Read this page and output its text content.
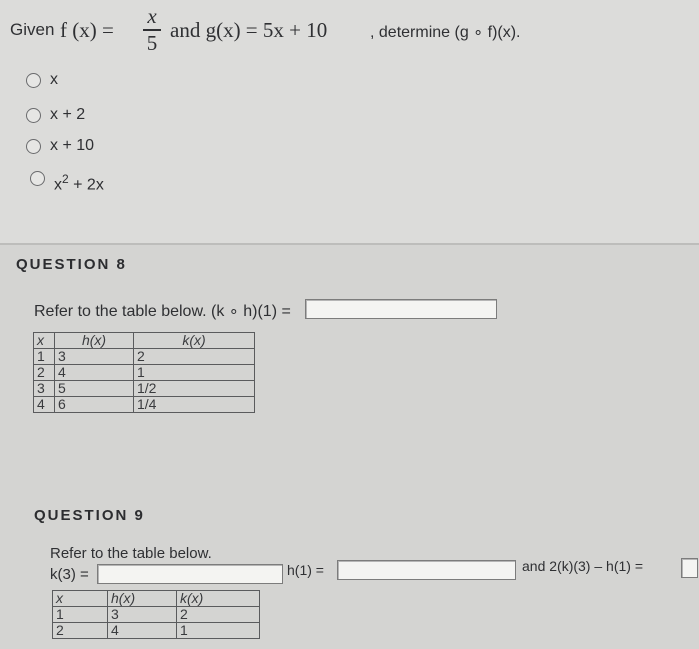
Given f (x) =
x
5
and g(x) = 5x + 10	, determine (g ∘ f)(x).
x
x + 2
x + 10
$x^2 + 2x$
QUESTION 8
Refer to the table below. (k ∘ h)(1) =
x	h(x)	k(x)
1	3	2
2	4	1
3	5	1/2
4	6	1/4
QUESTION 9
Refer to the table below.
k(3) =	h(1) =	and 2(k)(3) – h(1) =
x	h(x)	k(x)
1	3	2
2	4	1
